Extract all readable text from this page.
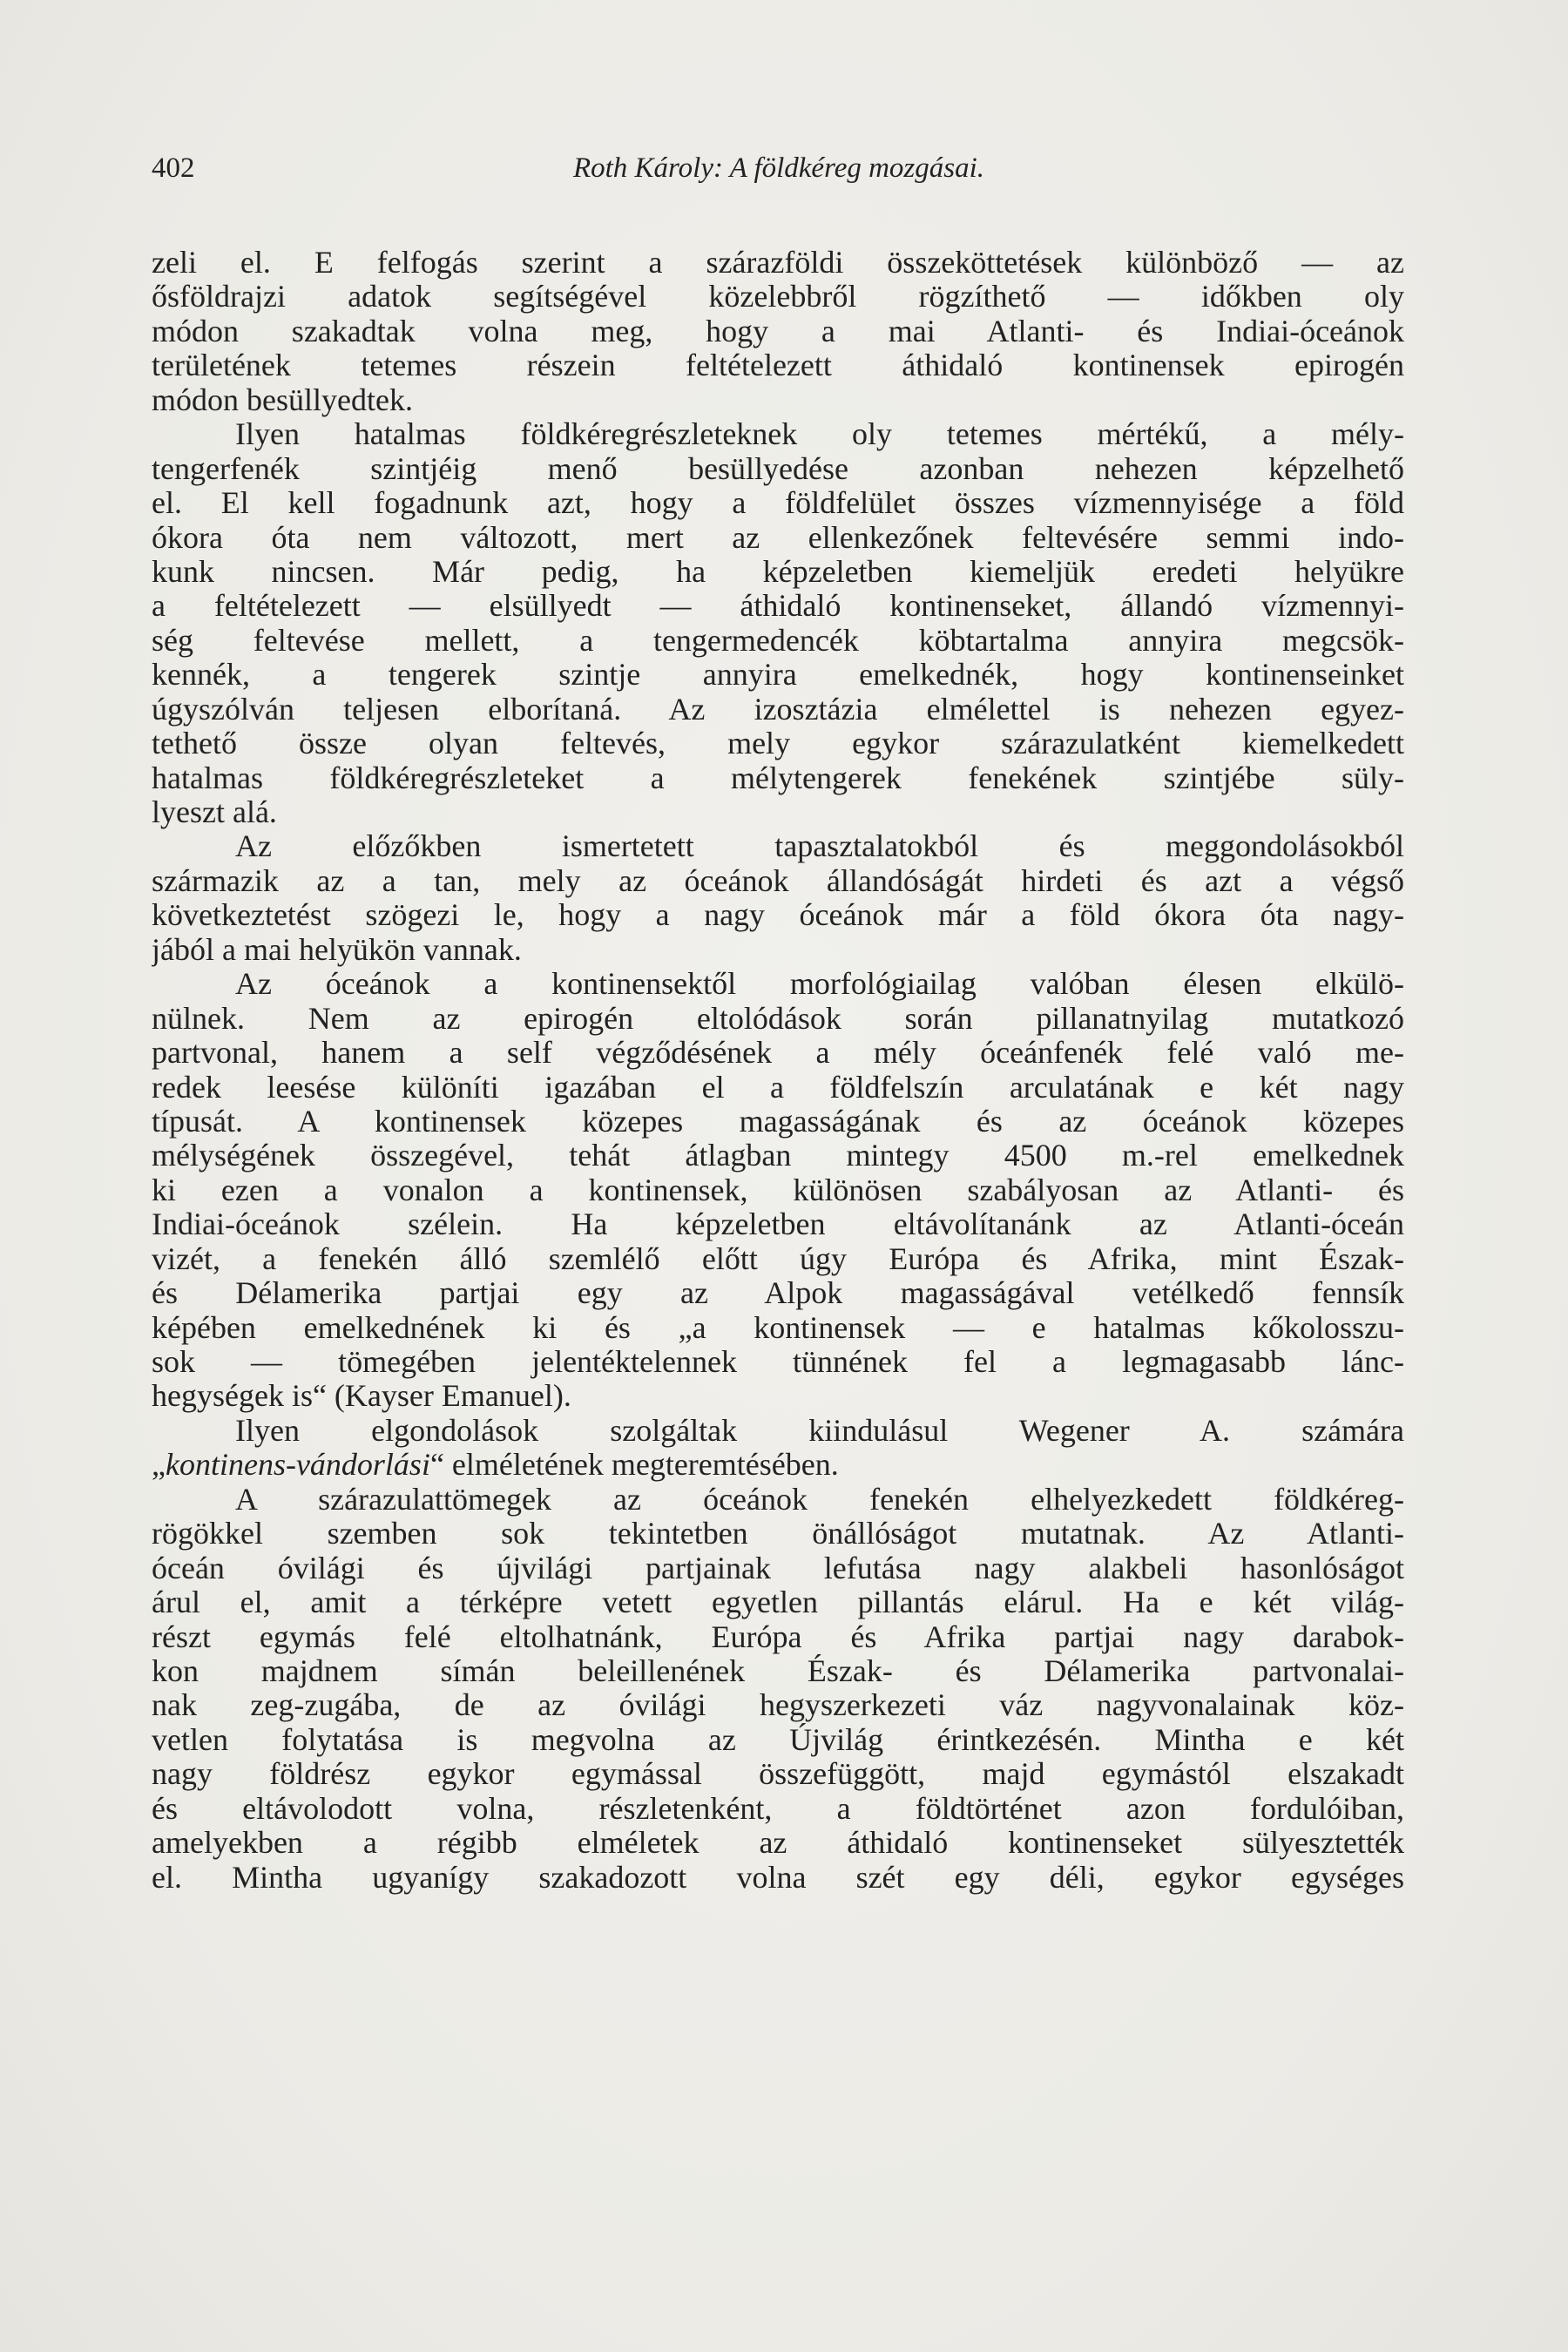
402	Roth Károly: A földkéreg mozgásai.
zeli el. E felfogás szerint a szárazföldi összeköttetések különböző — az
ősföldrajzi adatok segítségével közelebbről rögzíthető — időkben oly
módon szakadtak volna meg, hogy a mai Atlanti- és Indiai-óceánok
területének tetemes részein feltételezett áthidaló kontinensek epirogén
módon besüllyedtek.
Ilyen hatalmas földkéregrészleteknek oly tetemes mértékű, a mély-
tengerfenék szintjéig menő besüllyedése azonban nehezen képzelhető
el. El kell fogadnunk azt, hogy a földfelület összes vízmennyisége a föld
ókora óta nem változott, mert az ellenkezőnek feltevésére semmi indo-
kunk nincsen. Már pedig, ha képzeletben kiemeljük eredeti helyükre
a feltételezett — elsüllyedt — áthidaló kontinenseket, állandó vízmennyi-
ség feltevése mellett, a tengermedencék köbtartalma annyira megcsök-
kennék, a tengerek szintje annyira emelkednék, hogy kontinenseinket
úgyszólván teljesen elborítaná. Az izosztázia elmélettel is nehezen egyez-
tethető össze olyan feltevés, mely egykor szárazulatként kiemelkedett
hatalmas földkéregrészleteket a mélytengerek fenekének szintjébe süly-
lyeszt alá.
Az előzőkben ismertetett tapasztalatokból és meggondolásokból
származik az a tan, mely az óceánok állandóságát hirdeti és azt a végső
következtetést szögezi le, hogy a nagy óceánok már a föld ókora óta nagy-
jából a mai helyükön vannak.
Az óceánok a kontinensektől morfológiailag valóban élesen elkülö-
nülnek. Nem az epirogén eltolódások során pillanatnyilag mutatkozó
partvonal, hanem a self végződésének a mély óceánfenék felé való me-
redek leesése különíti igazában el a földfelszín arculatának e két nagy
típusát. A kontinensek közepes magasságának és az óceánok közepes
mélységének összegével, tehát átlagban mintegy 4500 m.-rel emelkednek
ki ezen a vonalon a kontinensek, különösen szabályosan az Atlanti- és
Indiai-óceánok szélein. Ha képzeletben eltávolítanánk az Atlanti-óceán
vizét, a fenekén álló szemlélő előtt úgy Európa és Afrika, mint Észak-
és Délamerika partjai egy az Alpok magasságával vetélkedő fennsík
képében emelkednének ki és „a kontinensek — e hatalmas kőkolosszu-
sok — tömegében jelentéktelennek tünnének fel a legmagasabb lánc-
hegységek is“ (Kayser Emanuel).
Ilyen elgondolások szolgáltak kiindulásul Wegener A. számára
„kontinens-vándorlási“ elméletének megteremtésében.
A szárazulattömegek az óceánok fenekén elhelyezkedett földkéreg-
rögökkel szemben sok tekintetben önállóságot mutatnak. Az Atlanti-
óceán óvilági és újvilági partjainak lefutása nagy alakbeli hasonlóságot
árul el, amit a térképre vetett egyetlen pillantás elárul. Ha e két világ-
részt egymás felé eltolhatnánk, Európa és Afrika partjai nagy darabok-
kon majdnem símán beleillenének Észak- és Délamerika partvonalai-
nak zeg-zugába, de az óvilági hegyszerkezeti váz nagyvonalainak köz-
vetlen folytatása is megvolna az Újvilág érintkezésén. Mintha e két
nagy földrész egykor egymással összefüggött, majd egymástól elszakadt
és eltávolodott volna, részletenként, a földtörténet azon fordulóiban,
amelyekben a régibb elméletek az áthidaló kontinenseket sülyesztették
el. Mintha ugyanígy szakadozott volna szét egy déli, egykor egységes
